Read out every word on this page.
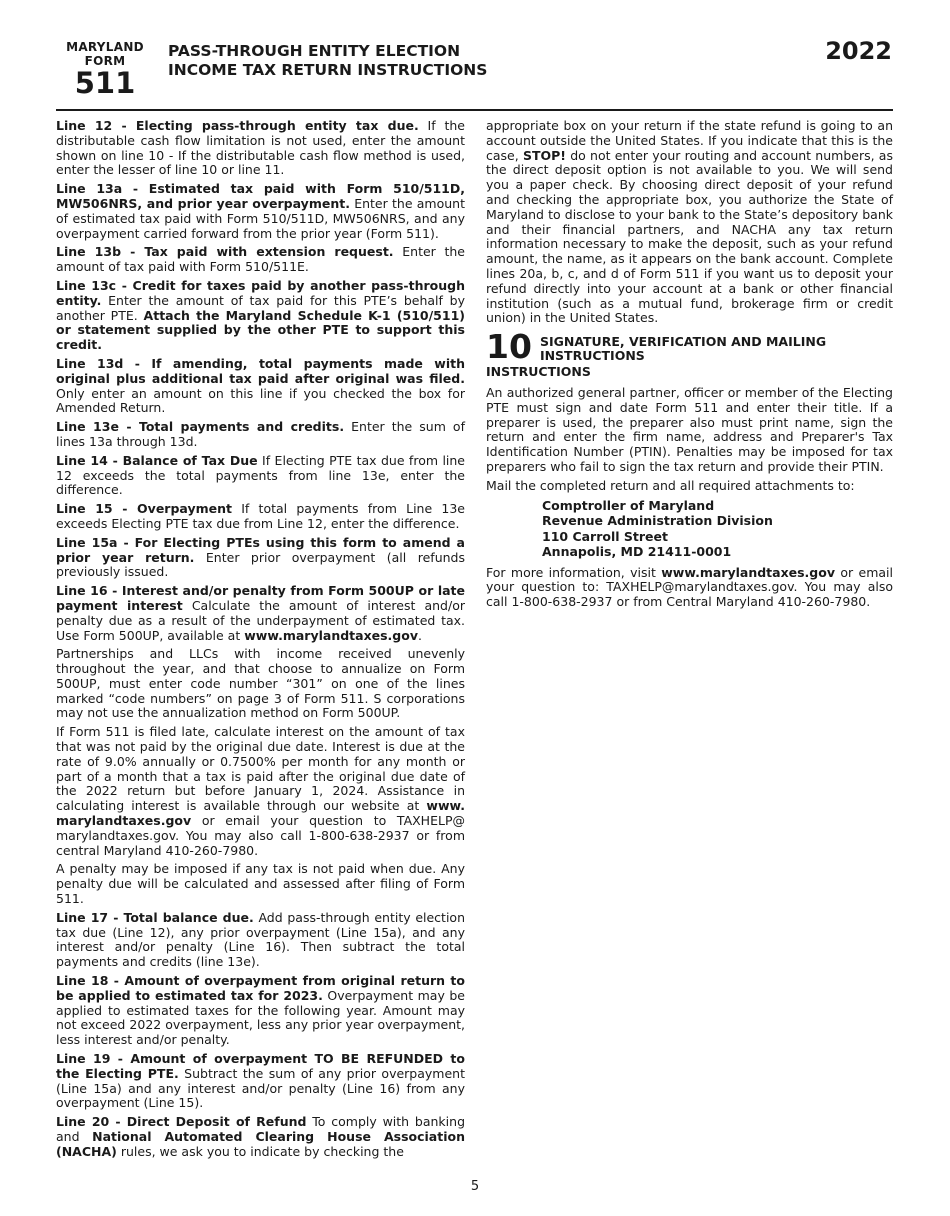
MARYLAND
FORM
511
PASS-THROUGH ENTITY ELECTION
INCOME TAX RETURN INSTRUCTIONS
2022

Line 12 - Electing pass-through entity tax due. If the distributable cash flow limitation is not used, enter the amount shown on line 10 - If the distributable cash flow method is used, enter the lesser of line 10 or line 11.

Line 13a - Estimated tax paid with Form 510/511D, MW506NRS, and prior year overpayment. Enter the amount of estimated tax paid with Form 510/511D, MW506NRS, and any overpayment carried forward from the prior year (Form 511).

Line 13b - Tax paid with extension request. Enter the amount of tax paid with Form 510/511E.

Line 13c - Credit for taxes paid by another pass-through entity. Enter the amount of tax paid for this PTE’s behalf by another PTE. Attach the Maryland Schedule K-1 (510/511) or statement supplied by the other PTE to support this credit.

Line 13d - If amending, total payments made with original plus additional tax paid after original was filed. Only enter an amount on this line if you checked the box for Amended Return.

Line 13e - Total payments and credits. Enter the sum of lines 13a through 13d.

Line 14 - Balance of Tax Due If Electing PTE tax due from line 12 exceeds the total payments from line 13e, enter the difference.

Line 15 - Overpayment If total payments from Line 13e exceeds Electing PTE tax due from Line 12, enter the difference.

Line 15a - For Electing PTEs using this form to amend a prior year return. Enter prior overpayment (all refunds previously issued.

Line 16 - Interest and/or penalty from Form 500UP or late payment interest Calculate the amount of interest and/or penalty due as a result of the underpayment of estimated tax. Use Form 500UP, available at www.marylandtaxes.gov.

Partnerships and LLCs with income received unevenly throughout the year, and that choose to annualize on Form 500UP, must enter code number “301” on one of the lines marked “code numbers” on page 3 of Form 511. S corporations may not use the annualization method on Form 500UP.

If Form 511 is filed late, calculate interest on the amount of tax that was not paid by the original due date. Interest is due at the rate of 9.0% annually or 0.7500% per month for any month or part of a month that a tax is paid after the original due date of the 2022 return but before January 1, 2024. Assistance in calculating interest is available through our website at www. marylandtaxes.gov or email your question to TAXHELP@ marylandtaxes.gov. You may also call 1-800-638-2937 or from central Maryland 410-260-7980.

A penalty may be imposed if any tax is not paid when due. Any penalty due will be calculated and assessed after filing of Form 511.

Line 17 - Total balance due. Add pass-through entity election tax due (Line 12), any prior overpayment (Line 15a), and any interest and/or penalty (Line 16). Then subtract the total payments and credits (line 13e).

Line 18 - Amount of overpayment from original return to be applied to estimated tax for 2023. Overpayment may be applied to estimated taxes for the following year. Amount may not exceed 2022 overpayment, less any prior year overpayment, less interest and/or penalty.

Line 19 - Amount of overpayment TO BE REFUNDED to the Electing PTE. Subtract the sum of any prior overpayment (Line 15a) and any interest and/or penalty (Line 16) from any overpayment (Line 15).

Line 20 - Direct Deposit of Refund To comply with banking and National Automated Clearing House Association (NACHA) rules, we ask you to indicate by checking the

appropriate box on your return if the state refund is going to an account outside the United States. If you indicate that this is the case, STOP! do not enter your routing and account numbers, as the direct deposit option is not available to you. We will send you a paper check. By choosing direct deposit of your refund and checking the appropriate box, you authorize the State of Maryland to disclose to your bank to the State’s depository bank and their financial partners, and NACHA any tax return information necessary to make the deposit, such as your refund amount, the name, as it appears on the bank account. Complete lines 20a, b, c, and d of Form 511 if you want us to deposit your refund directly into your account at a bank or other financial institution (such as a mutual fund, brokerage firm or credit union) in the United States.

10 SIGNATURE, VERIFICATION AND MAILING
INSTRUCTIONS
INSTRUCTIONS

An authorized general partner, officer or member of the Electing PTE must sign and date Form 511 and enter their title. If a preparer is used, the preparer also must print name, sign the return and enter the firm name, address and Preparer's Tax Identification Number (PTIN). Penalties may be imposed for tax preparers who fail to sign the tax return and provide their PTIN.

Mail the completed return and all required attachments to:

Comptroller of Maryland
Revenue Administration Division
110 Carroll Street
Annapolis, MD 21411-0001

For more information, visit www.marylandtaxes.gov or email your question to: TAXHELP@marylandtaxes.gov. You may also call 1-800-638-2937 or from Central Maryland 410-260-7980.

5
